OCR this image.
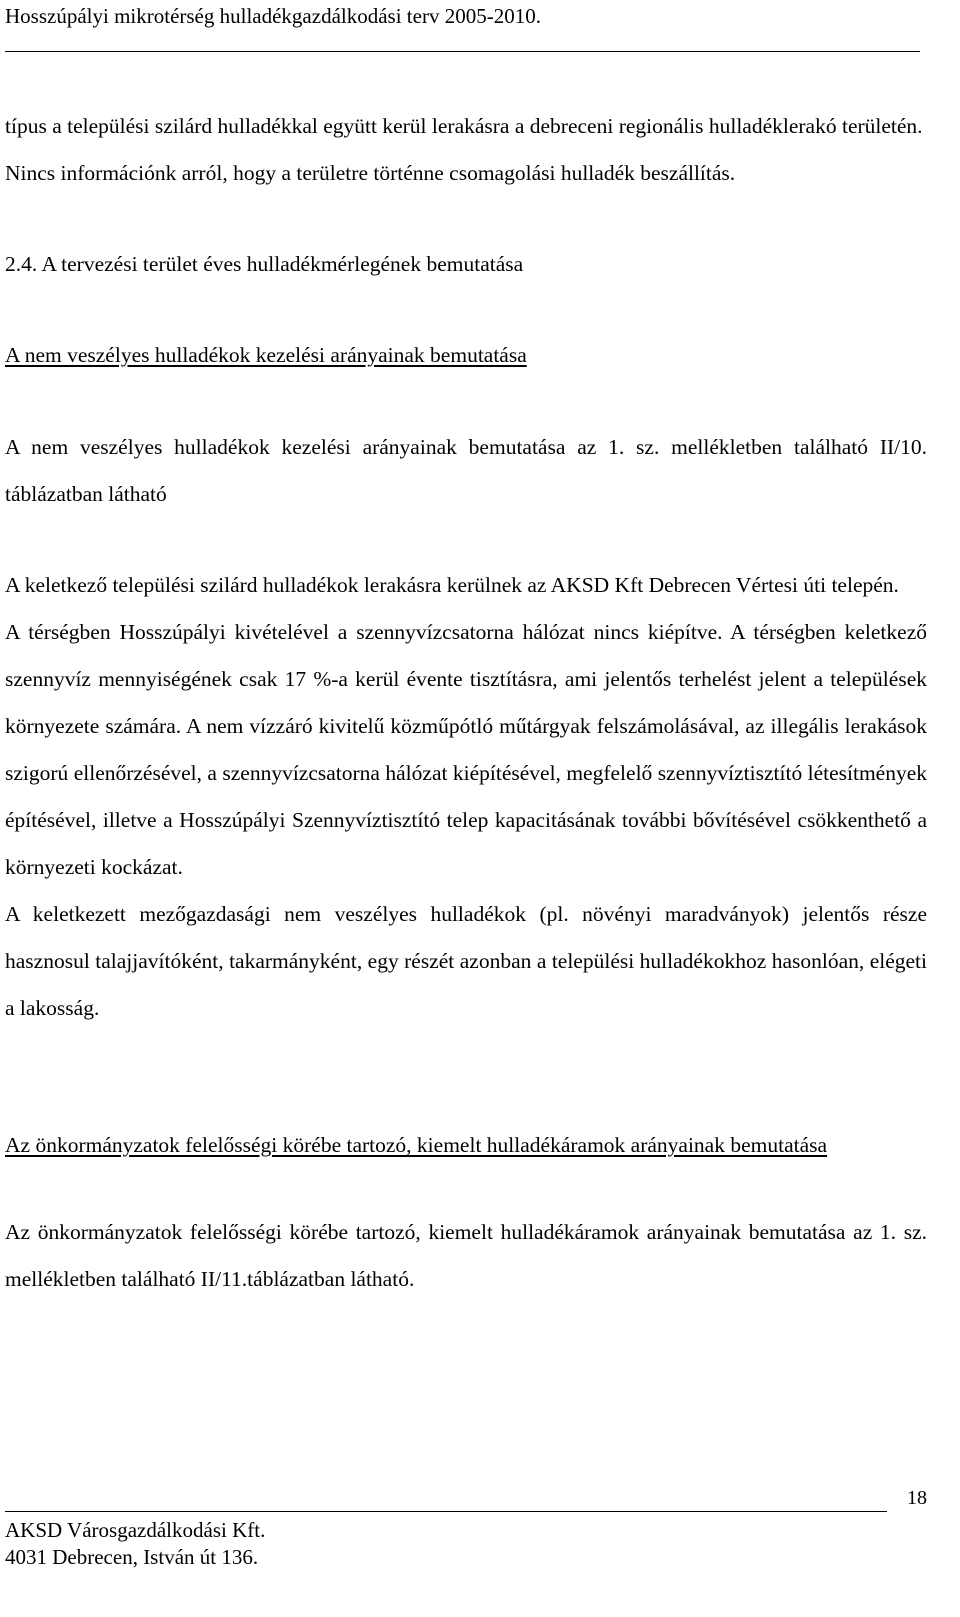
Hosszúpályi mikrotérség hulladékgazdálkodási terv 2005-2010.

típus a települési szilárd hulladékkal együtt kerül lerakásra a debreceni regionális hulladéklerakó területén.

Nincs információnk arról, hogy a területre történne csomagolási hulladék beszállítás.

2.4. A tervezési terület éves hulladékmérlegének bemutatása

A nem veszélyes hulladékok kezelési arányainak bemutatása

A nem veszélyes hulladékok kezelési arányainak bemutatása az 1. sz. mellékletben található II/10. táblázatban látható

A keletkező települési szilárd hulladékok lerakásra kerülnek az AKSD Kft Debrecen Vértesi úti telepén.

A térségben Hosszúpályi kivételével a szennyvízcsatorna hálózat nincs kiépítve. A térségben keletkező szennyvíz mennyiségének csak 17 %-a kerül évente tisztításra, ami jelentős terhelést jelent a települések környezete számára. A nem vízzáró kivitelű közműpótló műtárgyak felszámolásával, az illegális lerakások szigorú ellenőrzésével, a szennyvízcsatorna hálózat kiépítésével, megfelelő szennyvíztisztító létesítmények építésével, illetve a Hosszúpályi Szennyvíztisztító telep kapacitásának további bővítésével csökkenthető a környezeti kockázat.

A keletkezett mezőgazdasági nem veszélyes hulladékok (pl. növényi maradványok) jelentős része hasznosul talajjavítóként, takarmányként, egy részét azonban a települési hulladékokhoz hasonlóan, elégeti a lakosság.

Az önkormányzatok felelősségi körébe tartozó, kiemelt hulladékáramok arányainak bemutatása

Az önkormányzatok felelősségi körébe tartozó, kiemelt hulladékáramok arányainak bemutatása az 1. sz. mellékletben található II/11.táblázatban látható.

18
AKSD Városgazdálkodási Kft.
4031 Debrecen, István út 136.
